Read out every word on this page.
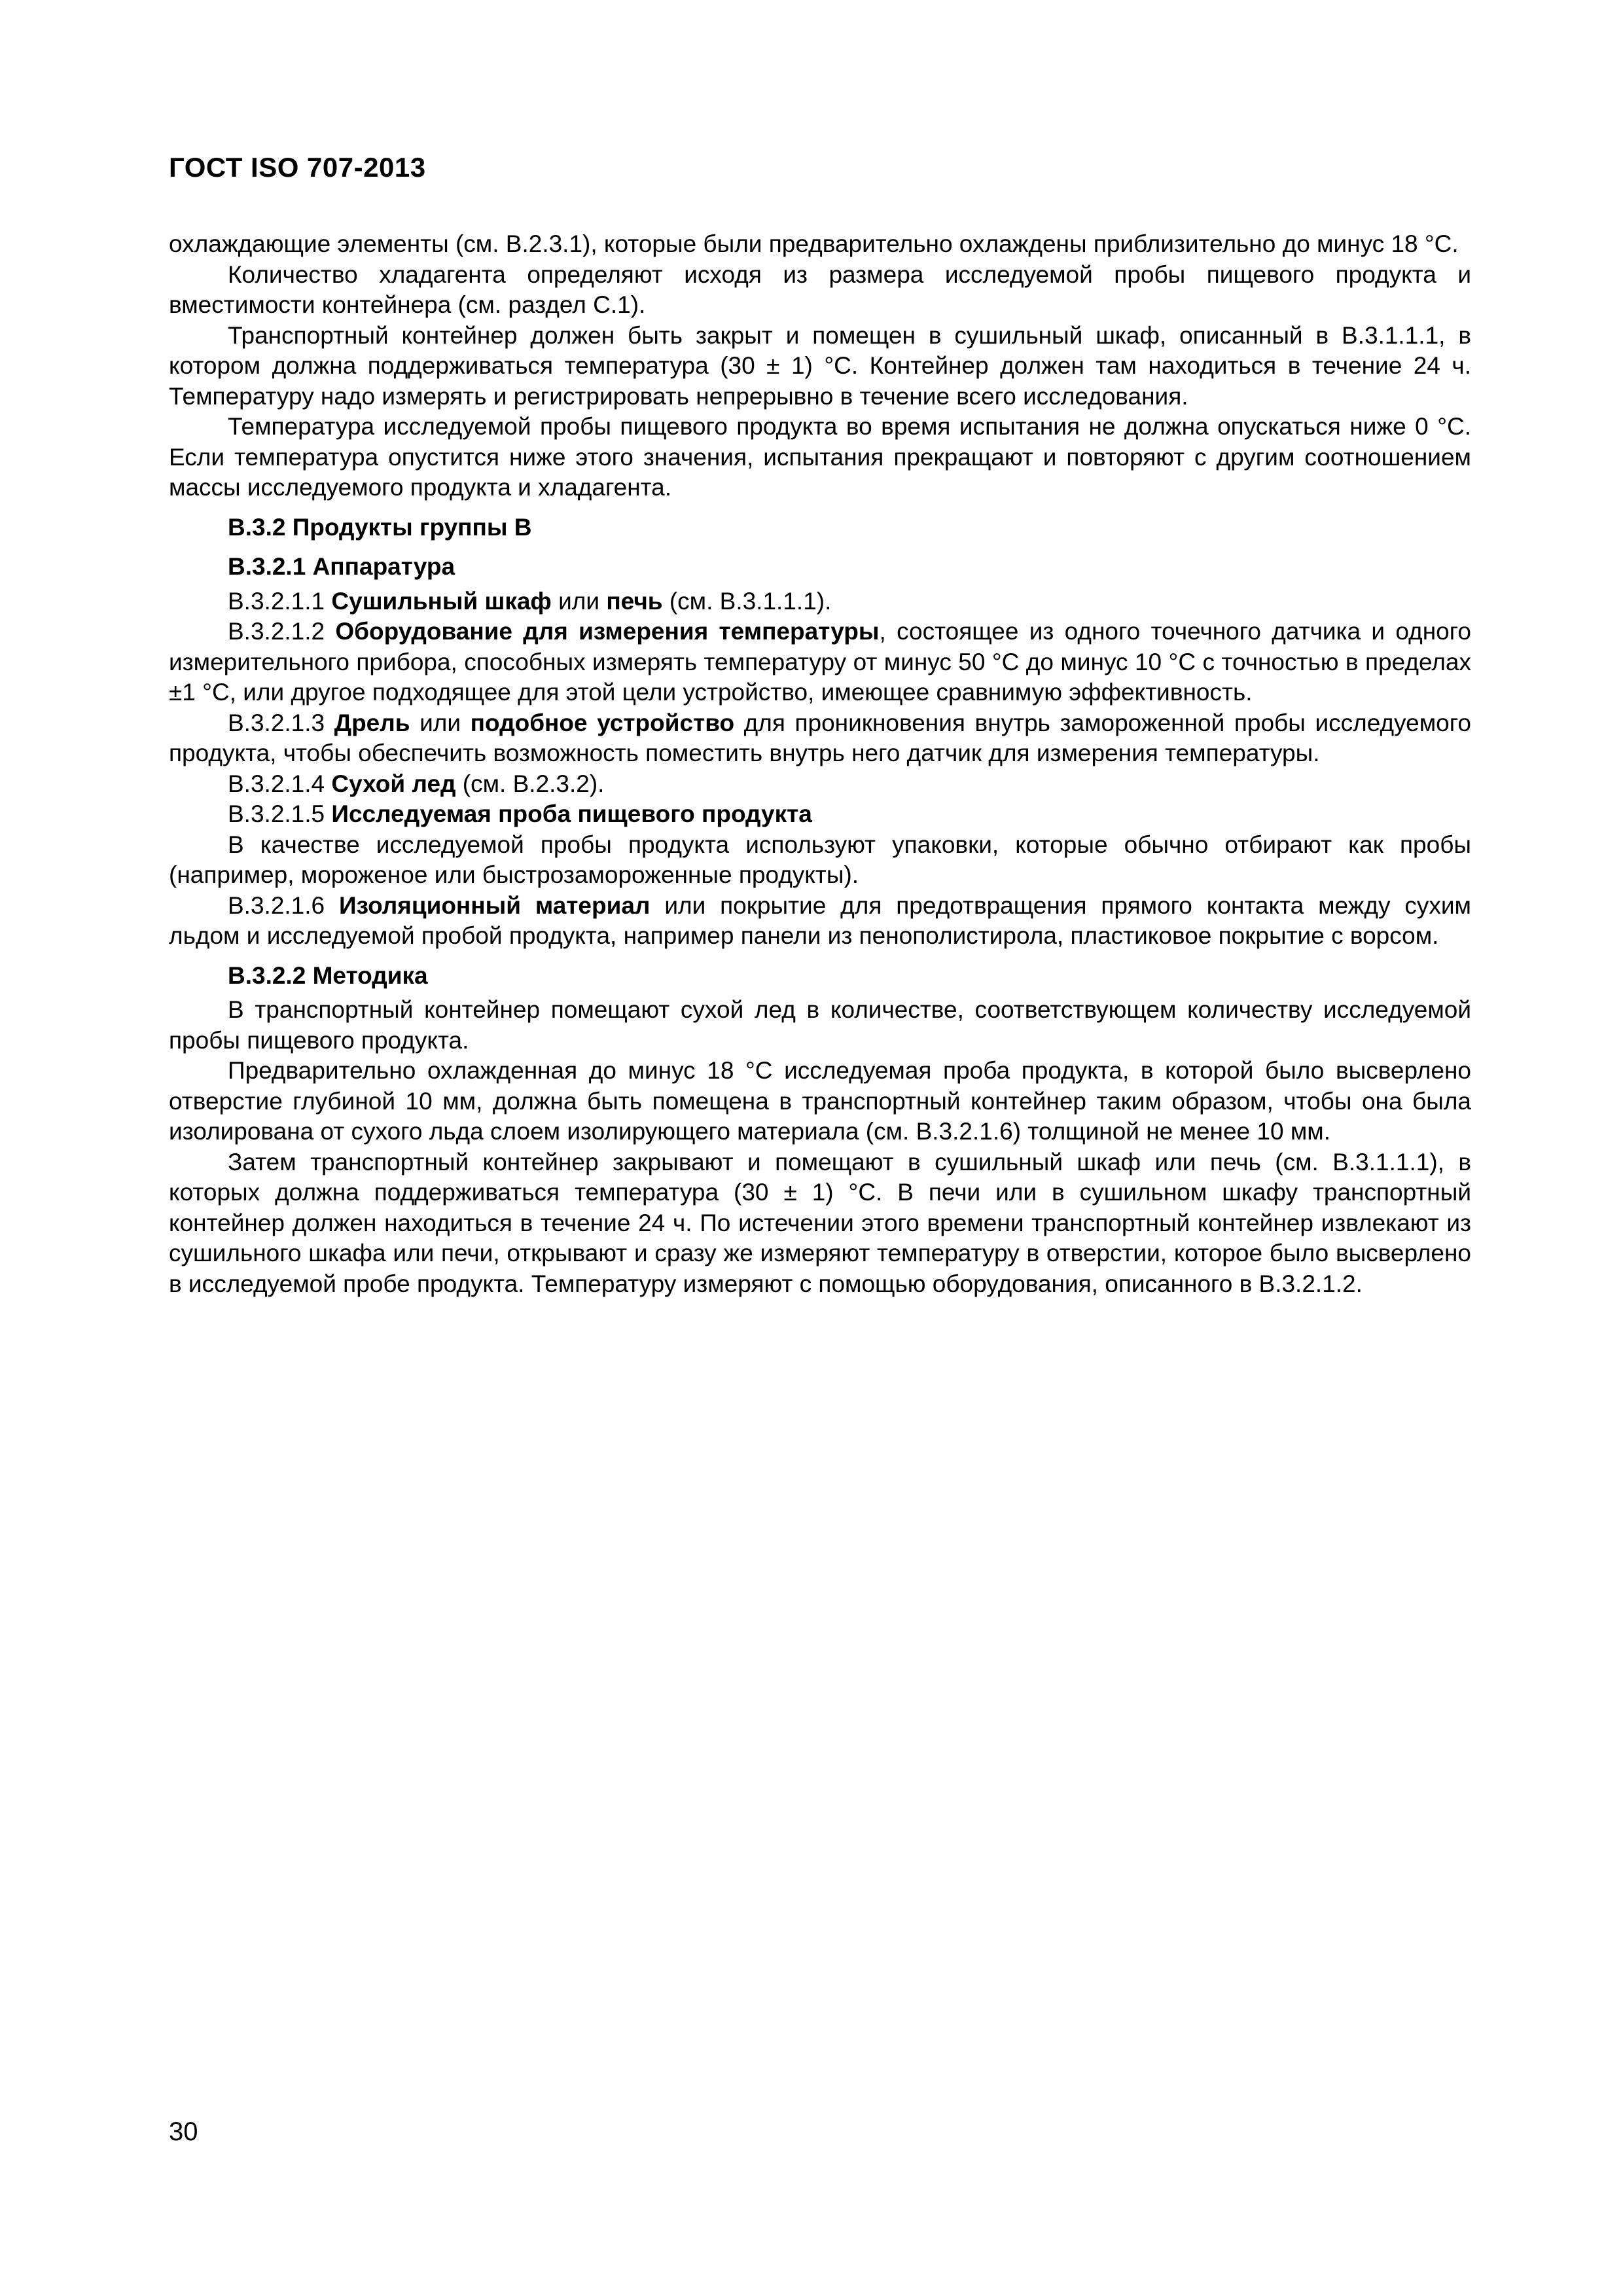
ГОСТ ISO 707-2013

охлаждающие элементы (см. В.2.3.1), которые были предварительно охлаждены приблизительно до минус 18 °С.

Количество хладагента определяют исходя из размера исследуемой пробы пищевого продукта и вместимости контейнера (см. раздел С.1).

Транспортный контейнер должен быть закрыт и помещен в сушильный шкаф, описанный в В.3.1.1.1, в котором должна поддерживаться температура (30 ± 1) °С. Контейнер должен там находиться в течение 24 ч. Температуру надо измерять и регистрировать непрерывно в течение всего исследования.

Температура исследуемой пробы пищевого продукта во время испытания не должна опускаться ниже 0 °С. Если температура опустится ниже этого значения, испытания прекращают и повторяют с другим соотношением массы исследуемого продукта и хладагента.

В.3.2 Продукты группы В
В.3.2.1 Аппаратура

В.3.2.1.1 Сушильный шкаф или печь (см. В.3.1.1.1).

В.3.2.1.2 Оборудование для измерения температуры, состоящее из одного точечного датчика и одного измерительного прибора, способных измерять температуру от минус 50 °С до минус 10 °С с точностью в пределах ±1 °С, или другое подходящее для этой цели устройство, имеющее сравнимую эффективность.

В.3.2.1.3 Дрель или подобное устройство для проникновения внутрь замороженной пробы исследуемого продукта, чтобы обеспечить возможность поместить внутрь него датчик для измерения температуры.

В.3.2.1.4 Сухой лед (см. В.2.3.2).

В.3.2.1.5 Исследуемая проба пищевого продукта

В качестве исследуемой пробы продукта используют упаковки, которые обычно отбирают как пробы (например, мороженое или быстрозамороженные продукты).

В.3.2.1.6 Изоляционный материал или покрытие для предотвращения прямого контакта между сухим льдом и исследуемой пробой продукта, например панели из пенополистирола, пластиковое покрытие с ворсом.

В.3.2.2 Методика

В транспортный контейнер помещают сухой лед в количестве, соответствующем количеству исследуемой пробы пищевого продукта.

Предварительно охлажденная до минус 18 °С исследуемая проба продукта, в которой было высверлено отверстие глубиной 10 мм, должна быть помещена в транспортный контейнер таким образом, чтобы она была изолирована от сухого льда слоем изолирующего материала (см. В.3.2.1.6) толщиной не менее 10 мм.

Затем транспортный контейнер закрывают и помещают в сушильный шкаф или печь (см. В.3.1.1.1), в которых должна поддерживаться температура (30 ± 1) °С. В печи или в сушильном шкафу транспортный контейнер должен находиться в течение 24 ч. По истечении этого времени транспортный контейнер извлекают из сушильного шкафа или печи, открывают и сразу же измеряют температуру в отверстии, которое было высверлено в исследуемой пробе продукта. Температуру измеряют с помощью оборудования, описанного в В.3.2.1.2.

30
